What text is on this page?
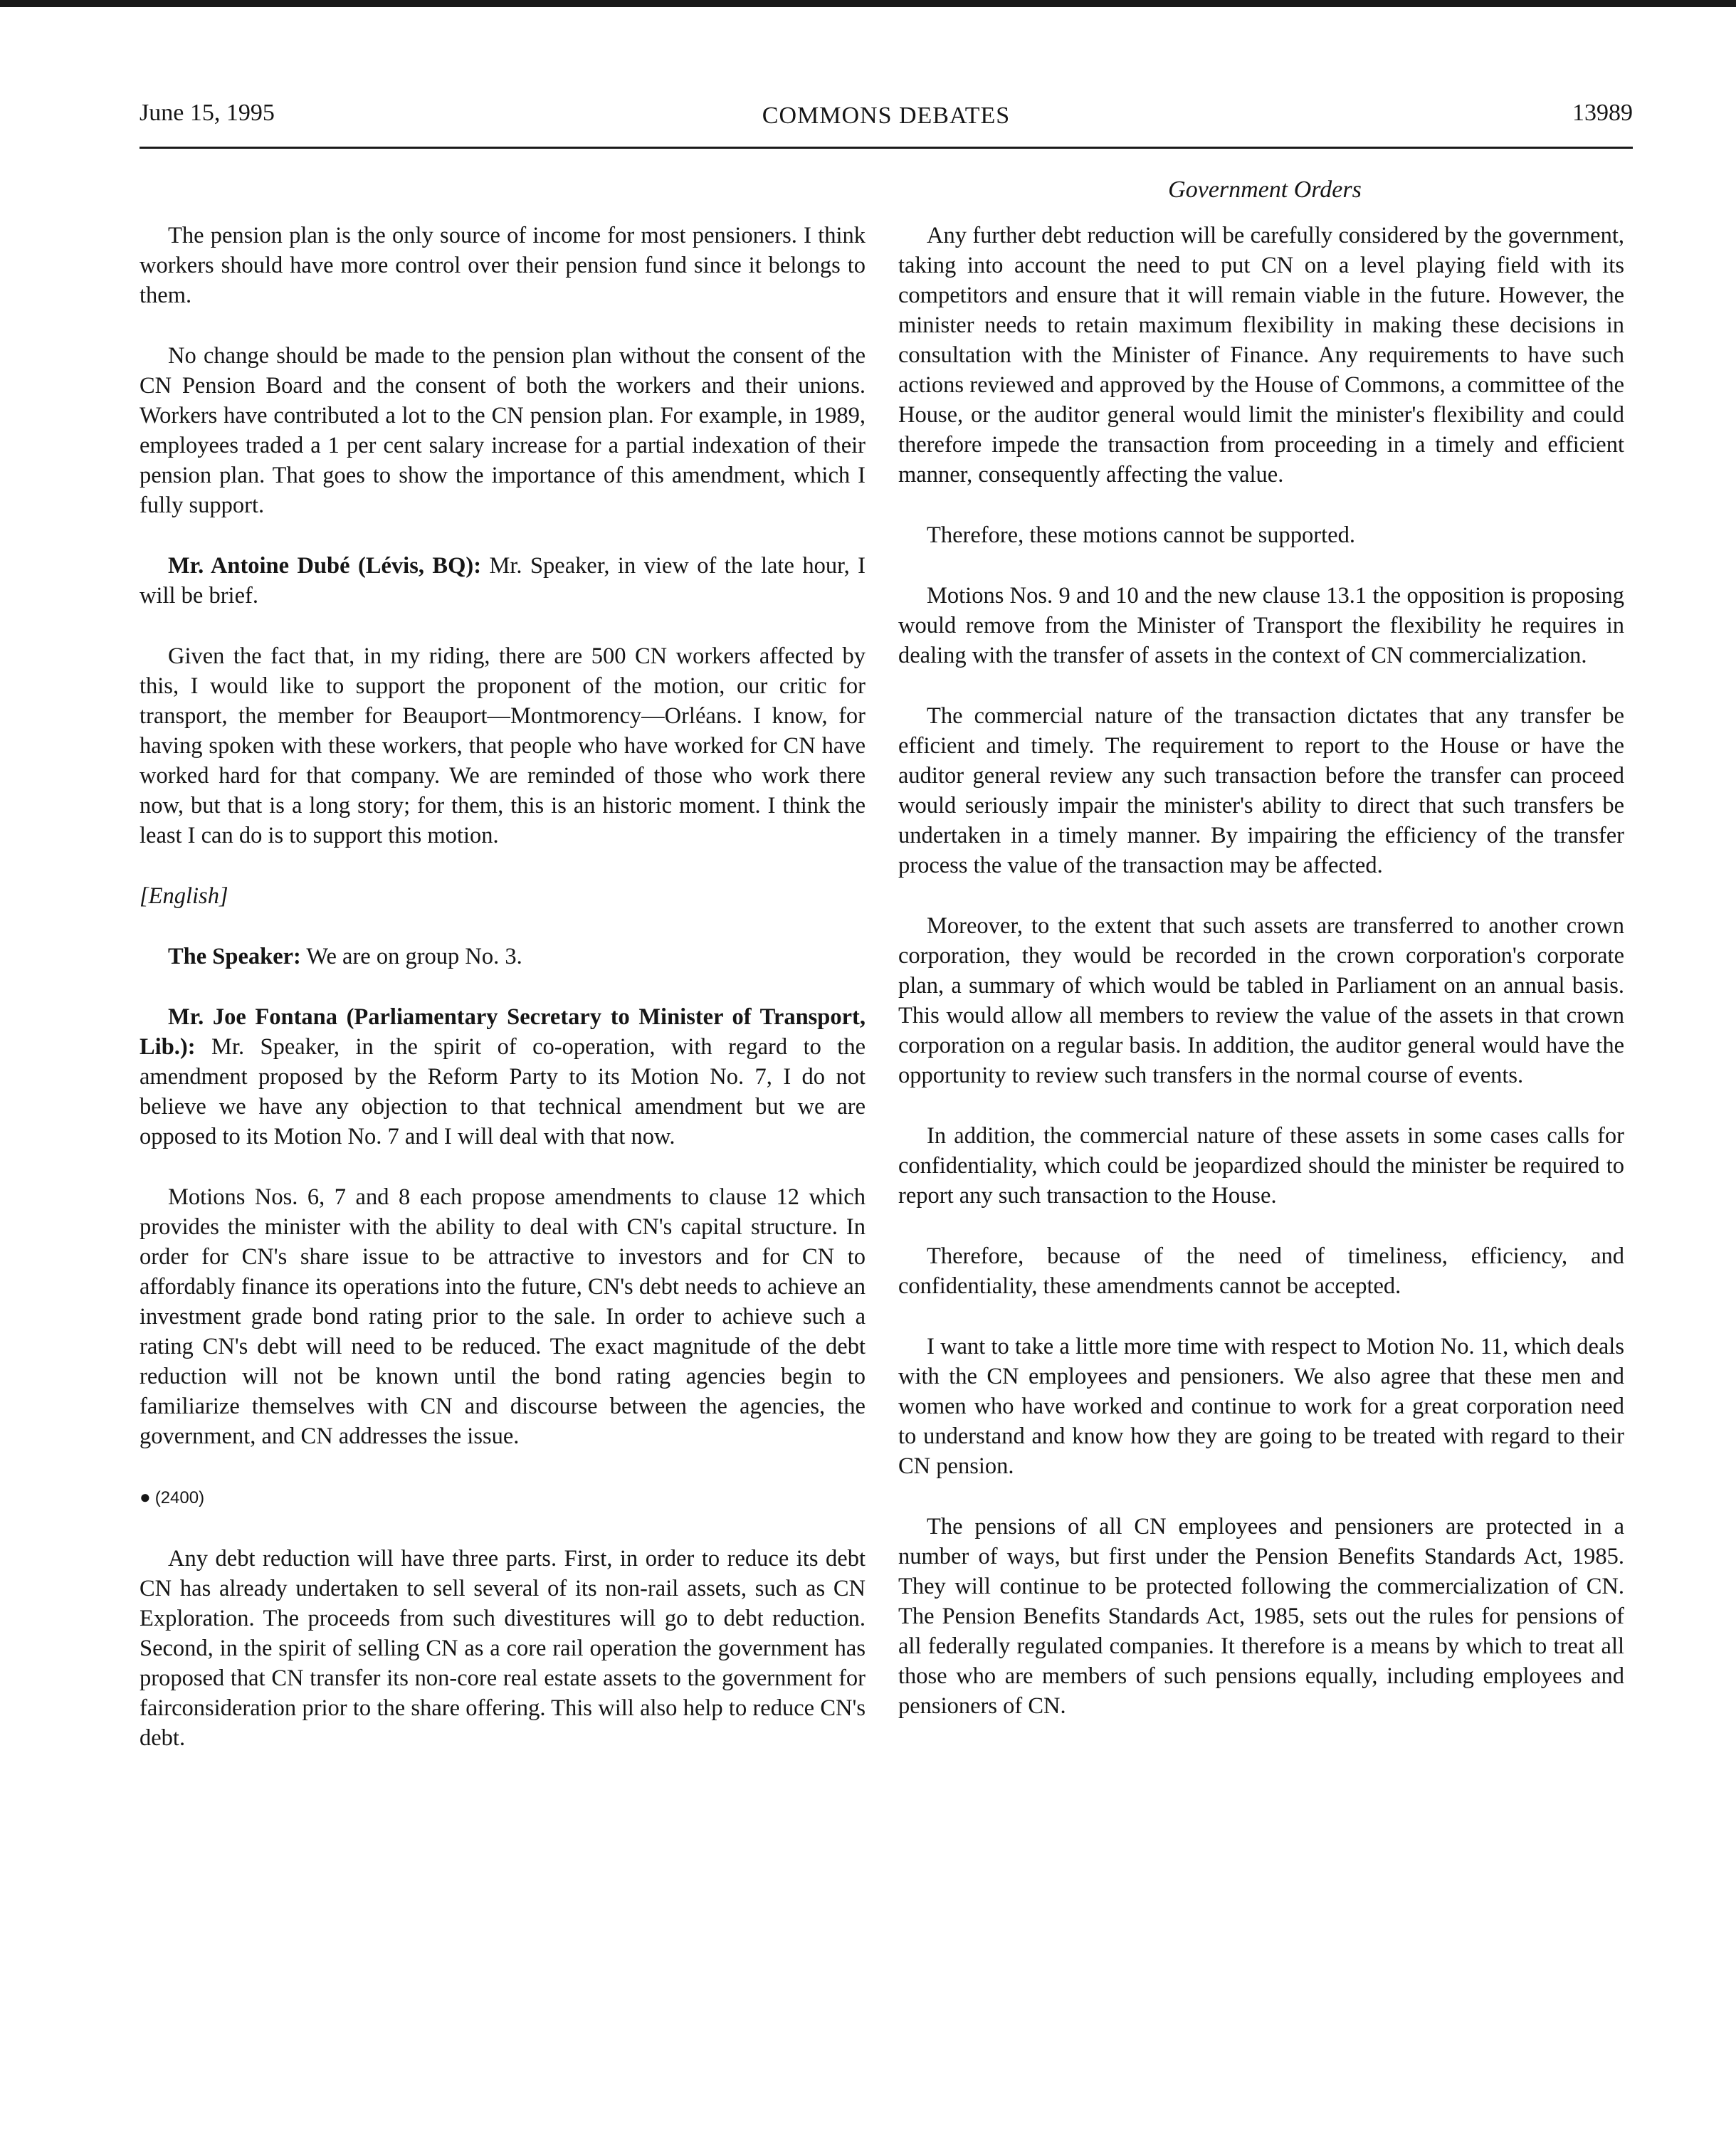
June 15, 1995	COMMONS DEBATES	13989
Government Orders

The pension plan is the only source of income for most pensioners. I think workers should have more control over their pension fund since it belongs to them.

No change should be made to the pension plan without the consent of the CN Pension Board and the consent of both the workers and their unions. Workers have contributed a lot to the CN pension plan. For example, in 1989, employees traded a 1 per cent salary increase for a partial indexation of their pension plan. That goes to show the importance of this amendment, which I fully support.

Mr. Antoine Dubé (Lévis, BQ): Mr. Speaker, in view of the late hour, I will be brief.

Given the fact that, in my riding, there are 500 CN workers affected by this, I would like to support the proponent of the motion, our critic for transport, the member for Beauport—Montmorency—Orléans. I know, for having spoken with these workers, that people who have worked for CN have worked hard for that company. We are reminded of those who work there now, but that is a long story; for them, this is an historic moment. I think the least I can do is to support this motion.

[English]

The Speaker: We are on group No. 3.

Mr. Joe Fontana (Parliamentary Secretary to Minister of Transport, Lib.): Mr. Speaker, in the spirit of co-operation, with regard to the amendment proposed by the Reform Party to its Motion No. 7, I do not believe we have any objection to that technical amendment but we are opposed to its Motion No. 7 and I will deal with that now.

Motions Nos. 6, 7 and 8 each propose amendments to clause 12 which provides the minister with the ability to deal with CN's capital structure. In order for CN's share issue to be attractive to investors and for CN to affordably finance its operations into the future, CN's debt needs to achieve an investment grade bond rating prior to the sale. In order to achieve such a rating CN's debt will need to be reduced. The exact magnitude of the debt reduction will not be known until the bond rating agencies begin to familiarize themselves with CN and discourse between the agencies, the government, and CN addresses the issue.

● (2400)

Any debt reduction will have three parts. First, in order to reduce its debt CN has already undertaken to sell several of its non-rail assets, such as CN Exploration. The proceeds from such divestitures will go to debt reduction. Second, in the spirit of selling CN as a core rail operation the government has proposed that CN transfer its non-core real estate assets to the government for fairconsideration prior to the share offering. This will also help to reduce CN's debt.

Any further debt reduction will be carefully considered by the government, taking into account the need to put CN on a level playing field with its competitors and ensure that it will remain viable in the future. However, the minister needs to retain maximum flexibility in making these decisions in consultation with the Minister of Finance. Any requirements to have such actions reviewed and approved by the House of Commons, a committee of the House, or the auditor general would limit the minister's flexibility and could therefore impede the transaction from proceeding in a timely and efficient manner, consequently affecting the value.

Therefore, these motions cannot be supported.

Motions Nos. 9 and 10 and the new clause 13.1 the opposition is proposing would remove from the Minister of Transport the flexibility he requires in dealing with the transfer of assets in the context of CN commercialization.

The commercial nature of the transaction dictates that any transfer be efficient and timely. The requirement to report to the House or have the auditor general review any such transaction before the transfer can proceed would seriously impair the minister's ability to direct that such transfers be undertaken in a timely manner. By impairing the efficiency of the transfer process the value of the transaction may be affected.

Moreover, to the extent that such assets are transferred to another crown corporation, they would be recorded in the crown corporation's corporate plan, a summary of which would be tabled in Parliament on an annual basis. This would allow all members to review the value of the assets in that crown corporation on a regular basis. In addition, the auditor general would have the opportunity to review such transfers in the normal course of events.

In addition, the commercial nature of these assets in some cases calls for confidentiality, which could be jeopardized should the minister be required to report any such transaction to the House.

Therefore, because of the need of timeliness, efficiency, and confidentiality, these amendments cannot be accepted.

I want to take a little more time with respect to Motion No. 11, which deals with the CN employees and pensioners. We also agree that these men and women who have worked and continue to work for a great corporation need to understand and know how they are going to be treated with regard to their CN pension.

The pensions of all CN employees and pensioners are protected in a number of ways, but first under the Pension Benefits Standards Act, 1985. They will continue to be protected following the commercialization of CN. The Pension Benefits Standards Act, 1985, sets out the rules for pensions of all federally regulated companies. It therefore is a means by which to treat all those who are members of such pensions equally, including employees and pensioners of CN.
